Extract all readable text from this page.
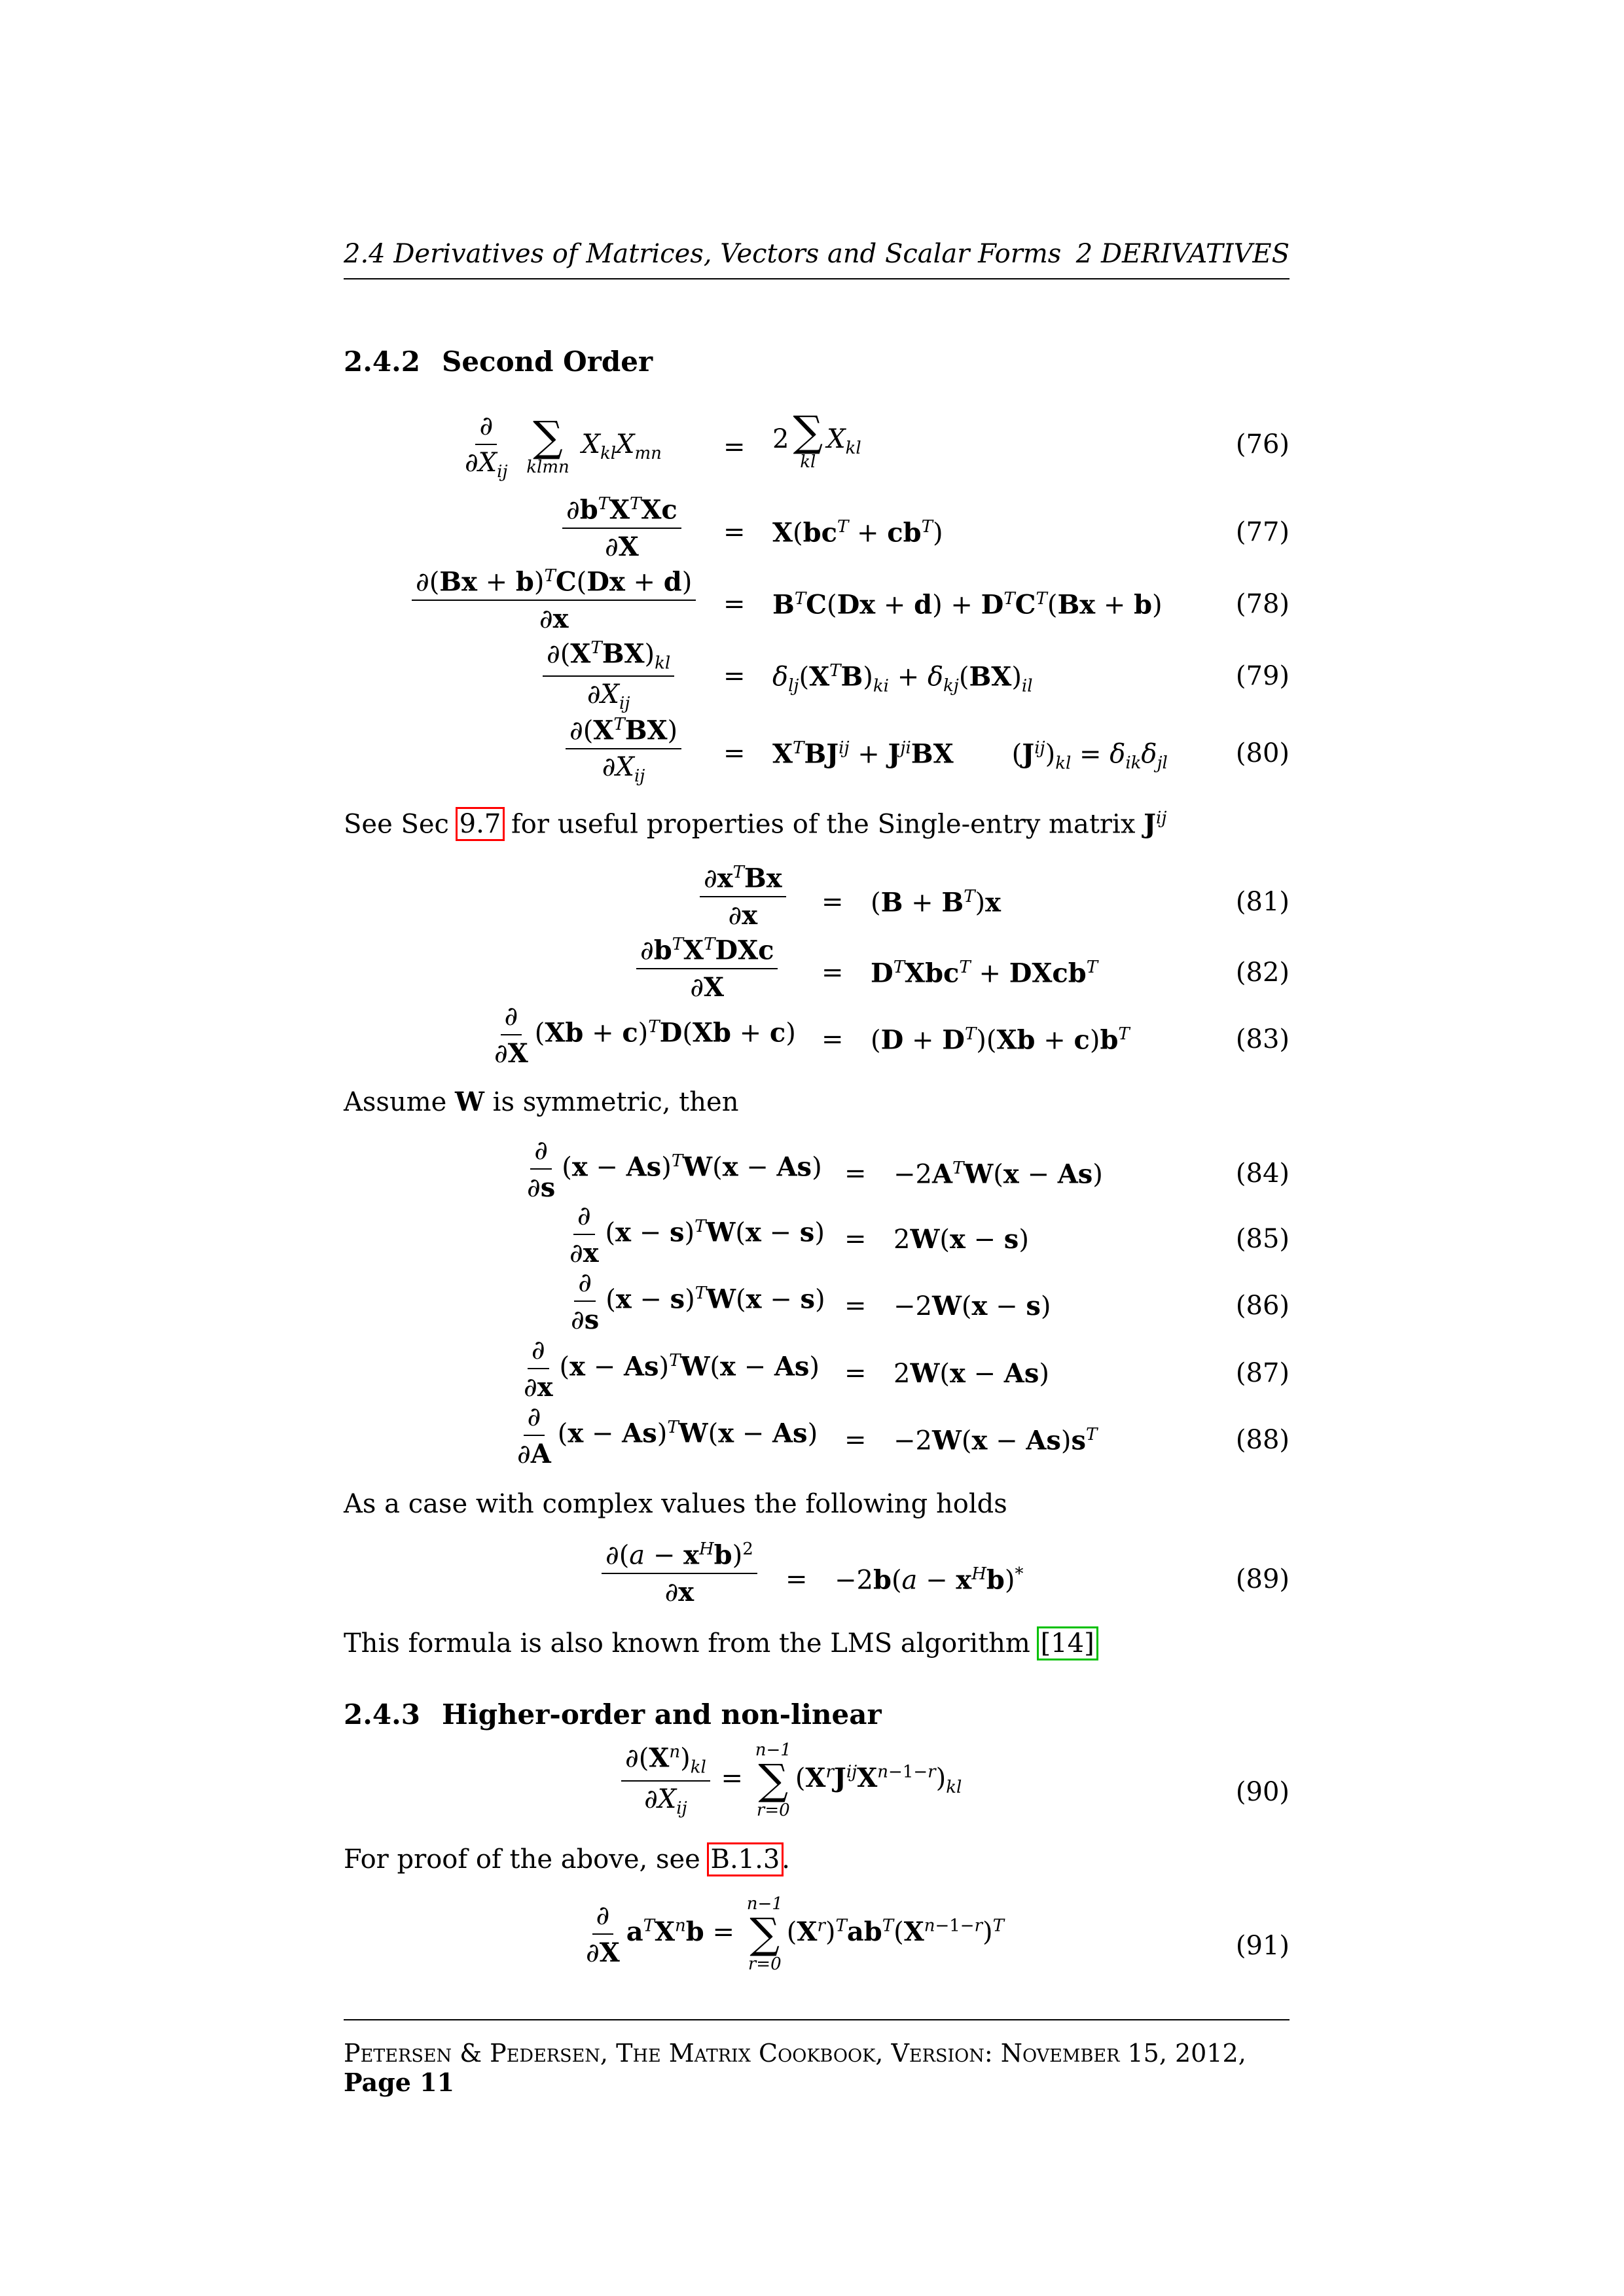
2.4 Derivatives of Matrices, Vectors and Scalar Forms 2 DERIVATIVES
2.4.2 Second Order
$\frac{\partial}{\partial X_{ij}}$
∑
klmn
$X_{kl}X_{mn} = 2$ ∑
kl
$X_{kl}$	(76)
$\frac{\partial b^TX^TXc}{\partial X} = X(bc^T + cb^T)$	(77)
$\frac{\partial(Bx + b)^TC(Dx + d)}{\partial x} = B^TC(Dx + d) + D^TC^T(Bx + b)$	(78)
$\frac{\partial(X^TBX)_{kl}}{\partial X_{ij}} = \delta_{lj}(X^TB)_{ki} + \delta_{kj}(BX)_{il}$	(79)
$\frac{\partial(X^TBX)}{\partial X_{ij}} = X^TBJ^{ij} + J^{ji}BX$       $(J^{ij})_{kl} = \delta_{ik}\delta_{jl}$	(80)
See Sec 9.7 for useful properties of the Single-entry matrix $J^{ij}$
$\frac{\partial x^TBx}{\partial x} = (B + B^T)x$	(81)
$\frac{\partial b^TX^TDXc}{\partial X} = D^TXbc^T$ + DXcb$^T$	(82)
$\frac{\partial}{\partial X} (Xb + c)^TD(Xb + c) = (D + D^T)(Xb + c)b^T$	(83)
Assume W is symmetric, then
$\frac{\partial}{\partial s} (x - As)^TW(x - As) = -2A^TW(x - As)$	(84)
$\frac{\partial}{\partial x} (x - s)^TW(x - s) = 2W(x - s)$	(85)
$\frac{\partial}{\partial s} (x - s)^TW(x - s) = -2W(x - s)$	(86)
$\frac{\partial}{\partial x} (x - As)^TW(x - As) = 2W(x - As)$	(87)
$\frac{\partial}{\partial A} (x - As)^TW(x - As) = -2W(x - As)s^T$	(88)
As a case with complex values the following holds
$\frac{\partial(a - x^Hb)^2}{\partial x} = -2b(a - x^Hb)^*$	(89)
This formula is also known from the LMS algorithm [14]
2.4.3 Higher-order and non-linear
$\frac{\partial(X^n)_{kl}}{\partial X_{ij}}$ =
n−1
∑
r=0
$(X^rJ^{ij}X^{n-1-r})_{kl}$	(90)
For proof of the above, see B.1.3.
$\frac{\partial}{\partial X} a^TX^nb$ =
n−1
∑
r=0
$(X^r)^Tab^T(X^{n-1-r})^T$
(91)
Petersen & Pedersen, The Matrix Cookbook, Version: November 15, 2012, Page 11
